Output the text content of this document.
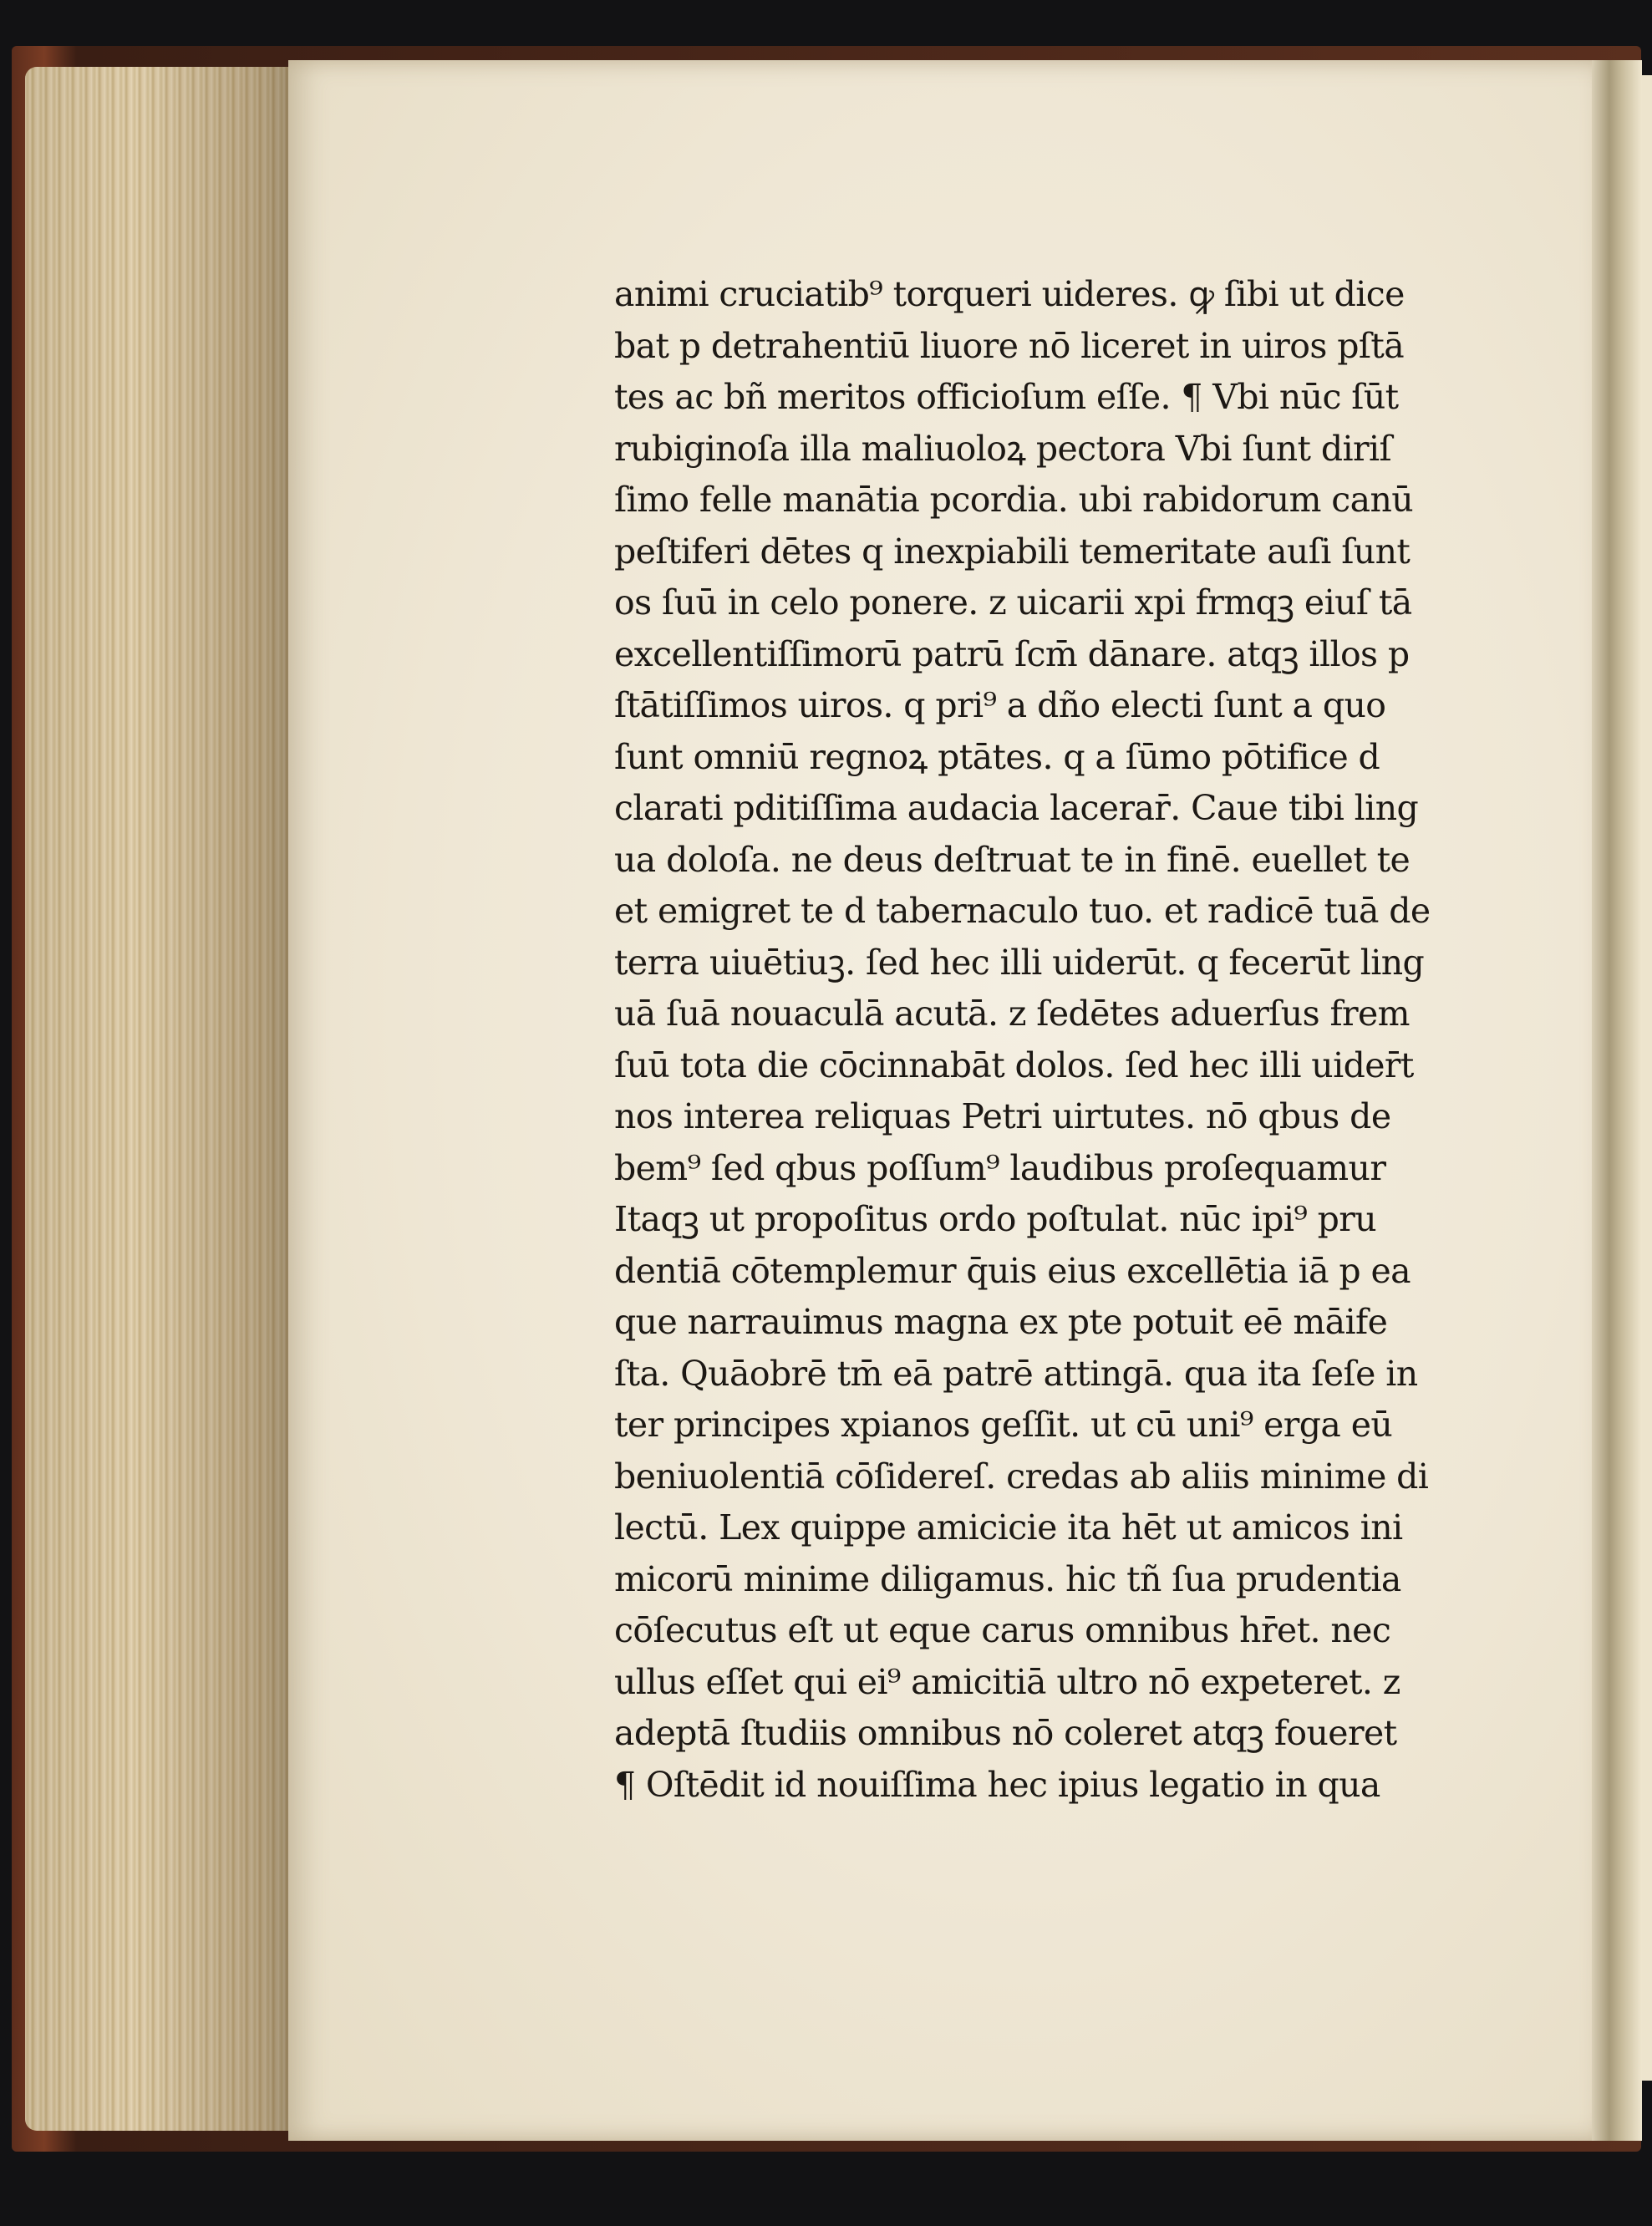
animi cruciatib⁹ torqueri uideres. ꝙ ſibi ut dice
bat p detrahentiū liuore nō liceret in uiros pſtā
tes ac bñ meritos officioſum eſſe. ¶ Vbi nūc ſūt
rubiginoſa illa maliuoloꝝ pectora Vbi ſunt diriſ
ſimo felle manātia pcordia. ubi rabidorum canū
peſtiferi dētes q inexpiabili temeritate auſi ſunt
os ſuū in celo ponere. z uicarii xpi frmqꝫ eiuſ tā
excellentiſſimorū patrū ſcm̄ dānare. atqꝫ illos p
ſtātiſſimos uiros. q pri⁹ a dño electi ſunt a quo
ſunt omniū regnoꝝ ptātes. q a ſūmo pōtifice d
clarati pditiſſima audacia lacerar̄. Caue tibi ling
ua doloſa. ne deus deſtruat te in finē. euellet te
et emigret te d tabernaculo tuo. et radicē tuā de
terra uiuētiuꝫ. ſed hec illi uiderūt. q fecerūt ling
uā ſuā nouaculā acutā. z ſedētes aduerſus frem
ſuū tota die cōcinnabāt dolos. ſed hec illi uider̄t
nos interea reliquas Petri uirtutes. nō qbus de
bem⁹ ſed qbus poſſum⁹ laudibus proſequamur
Itaqꝫ ut propoſitus ordo poſtulat. nūc ipi⁹ pru
dentiā cōtemplemur q̄uis eius excellētia iā p ea
que narrauimus magna ex pte potuit eē māife
ſta. Quāobrē tm̄ eā patrē attingā. qua ita ſeſe in
ter principes xpianos geſſit. ut cū uni⁹ erga eū
beniuolentiā cōſidereſ. credas ab aliis minime di
lectū. Lex quippe amicicie ita hēt ut amicos ini
micorū minime diligamus. hic tñ ſua prudentia
cōſecutus eſt ut eque carus omnibus hr̄et. nec
ullus eſſet qui ei⁹ amicitiā ultro nō expeteret. z
adeptā ſtudiis omnibus nō coleret atqꝫ foueret
¶ Oſtēdit id nouiſſima hec ipius legatio in qua
